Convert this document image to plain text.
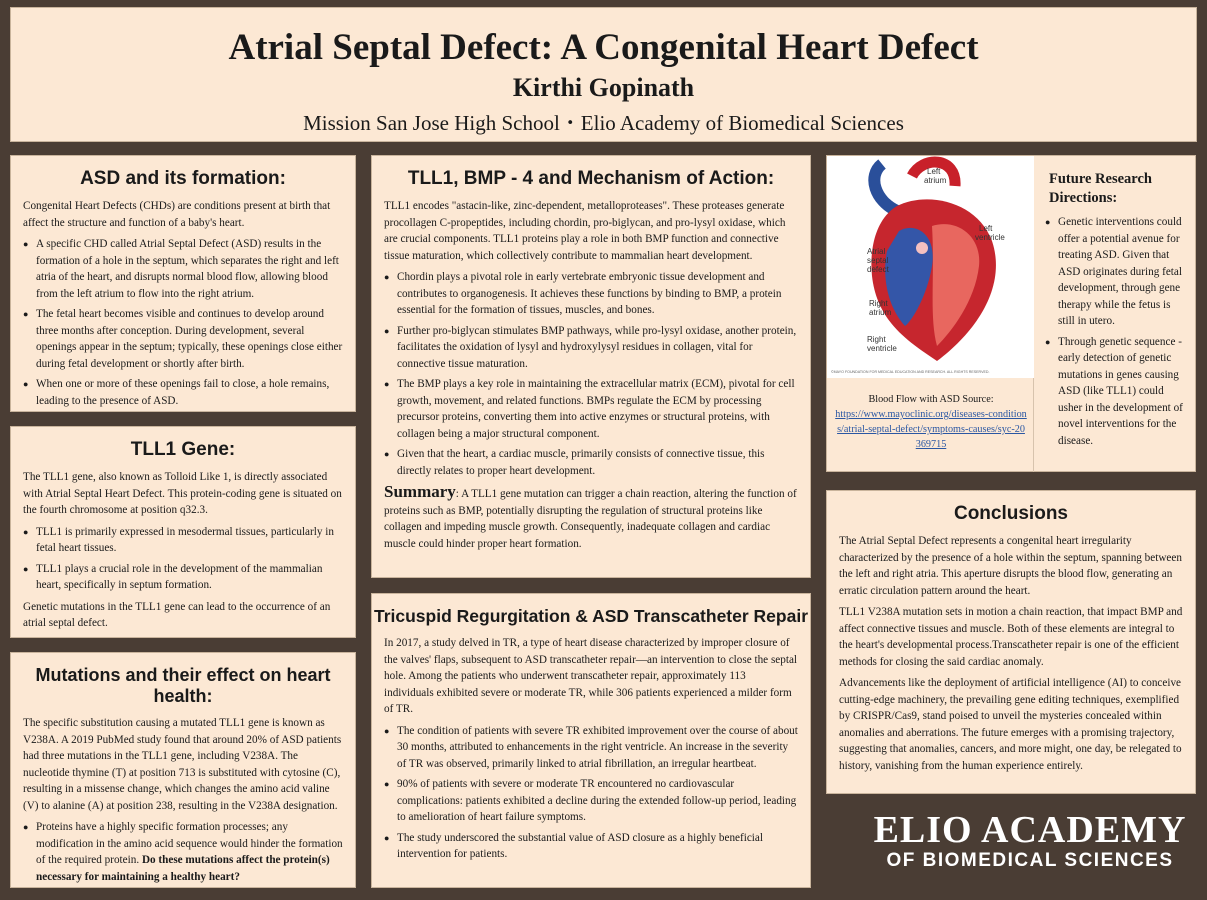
Atrial Septal Defect: A Congenital Heart Defect
Kirthi Gopinath
Mission San Jose High School・Elio Academy of Biomedical Sciences
ASD and its formation:

Congenital Heart Defects (CHDs) are conditions present at birth that affect the structure and function of a baby's heart.

● A specific CHD called Atrial Septal Defect (ASD) results in the formation of a hole in the septum, which separates the right and left atria of the heart, and disrupts normal blood flow, allowing blood from the left atrium to flow into the right atrium.
● The fetal heart becomes visible and continues to develop around three months after conception. During development, several openings appear in the septum; typically, these openings close either during fetal development or shortly after birth.
● When one or more of these openings fail to close, a hole remains, leading to the presence of ASD.
TLL1 Gene:

The TLL1 gene, also known as Tolloid Like 1, is directly associated with Atrial Septal Heart Defect. This protein-coding gene is situated on the fourth chromosome at position q32.3.

● TLL1 is primarily expressed in mesodermal tissues, particularly in fetal heart tissues.
● TLL1 plays a crucial role in the development of the mammalian heart, specifically in septum formation.

Genetic mutations in the TLL1 gene can lead to the occurrence of an atrial septal defect.

Mutations and their effect on heart health:

The specific substitution causing a mutated TLL1 gene is known as V238A. A 2019 PubMed study found that around 20% of ASD patients had three mutations in the TLL1 gene, including V238A. The nucleotide thymine (T) at position 713 is substituted with cytosine (C), resulting in a missense change, which changes the amino acid valine (V) to alanine (A) at position 238, resulting in the V238A designation.

● Proteins have a highly specific formation processes; any modification in the amino acid sequence would hinder the formation of the required protein. Do these mutations affect the protein(s) necessary for maintaining a healthy heart?
TLL1, BMP - 4 and Mechanism of Action:

TLL1 encodes "astacin-like, zinc-dependent, metalloproteases". These proteases generate procollagen C-propeptides, including chordin, pro-biglycan, and pro-lysyl oxidase, which are crucial components. TLL1 proteins play a role in both BMP function and connective tissue maturation, which collectively contribute to mammalian heart development.

● Chordin plays a pivotal role in early vertebrate embryonic tissue development and contributes to organogenesis. It achieves these functions by binding to BMP, a protein essential for the formation of tissues, muscles, and bones.
● Further pro-biglycan stimulates BMP pathways, while pro-lysyl oxidase, another protein, facilitates the oxidation of lysyl and hydroxylysyl residues in collagen, vital for connective tissue maturation.
● The BMP plays a key role in maintaining the extracellular matrix (ECM), pivotal for cell growth, movement, and related functions. BMPs regulate the ECM by processing precursor proteins, converting them into active enzymes or structural proteins, with collagen being a major structural component.
● Given that the heart, a cardiac muscle, primarily consists of connective tissue, this directly relates to proper heart development.

Summary: A TLL1 gene mutation can trigger a chain reaction, altering the function of proteins such as BMP, potentially disrupting the regulation of structural proteins like collagen and impeding muscle growth. Consequently, inadequate collagen and cardiac muscle could hinder proper heart formation.

Tricuspid Regurgitation & ASD Transcatheter Repair

In 2017, a study delved in TR, a type of heart disease characterized by improper closure of the valves' flaps, subsequent to ASD transcatheter repair—an intervention to close the septal hole. Among the patients who underwent transcatheter repair, approximately 113 individuals exhibited severe or moderate TR, while 306 patients experienced a milder form of TR.

● The condition of patients with severe TR exhibited improvement over the course of about 30 months, attributed to enhancements in the right ventricle. An increase in the severity of TR was observed, primarily linked to atrial fibrillation, an irregular heartbeat.
● 90% of patients with severe or moderate TR encountered no cardiovascular complications: patients exhibited a decline during the extended follow-up period, leading to amelioration of heart failure symptoms.
● The study underscored the substantial value of ASD closure as a highly beneficial intervention for patients.
Left
atrium
Left
ventricle
Atrial
septal
defect
Right
atrium
Right
ventricle
©MAYO FOUNDATION FOR MEDICAL EDUCATION AND RESEARCH. ALL RIGHTS RESERVED.
Blood Flow with ASD Source:
https://www.mayoclinic.org/diseases-conditions/atrial-septal-defect/symptoms-causes/syc-20369715
Future Research Directions:
● Genetic interventions could offer a potential avenue for treating ASD. Given that ASD originates during fetal development, through gene therapy while the fetus is still in utero.
● Through genetic sequence - early detection of genetic mutations in genes causing ASD (like TLL1) could usher in the development of novel interventions for the disease.
Conclusions

The Atrial Septal Defect represents a congenital heart irregularity characterized by the presence of a hole within the septum, spanning between the left and right atria. This aperture disrupts the blood flow, generating an erratic circulation pattern around the heart.

TLL1 V238A mutation sets in motion a chain reaction, that impact BMP and affect connective tissues and muscle. Both of these elements are integral to the heart's developmental process.Transcatheter repair is one of the efficient methods for closing the said cardiac anomaly.

Advancements like the deployment of artificial intelligence (AI) to conceive cutting-edge machinery, the prevailing gene editing techniques, exemplified by CRISPR/Cas9, stand poised to unveil the mysteries concealed within anomalies and aberrations. The future emerges with a promising trajectory, suggesting that anomalies, cancers, and more might, one day, be relegated to history, vanishing from the human experience entirely.

ELIO ACADEMY
OF BIOMEDICAL SCIENCES
